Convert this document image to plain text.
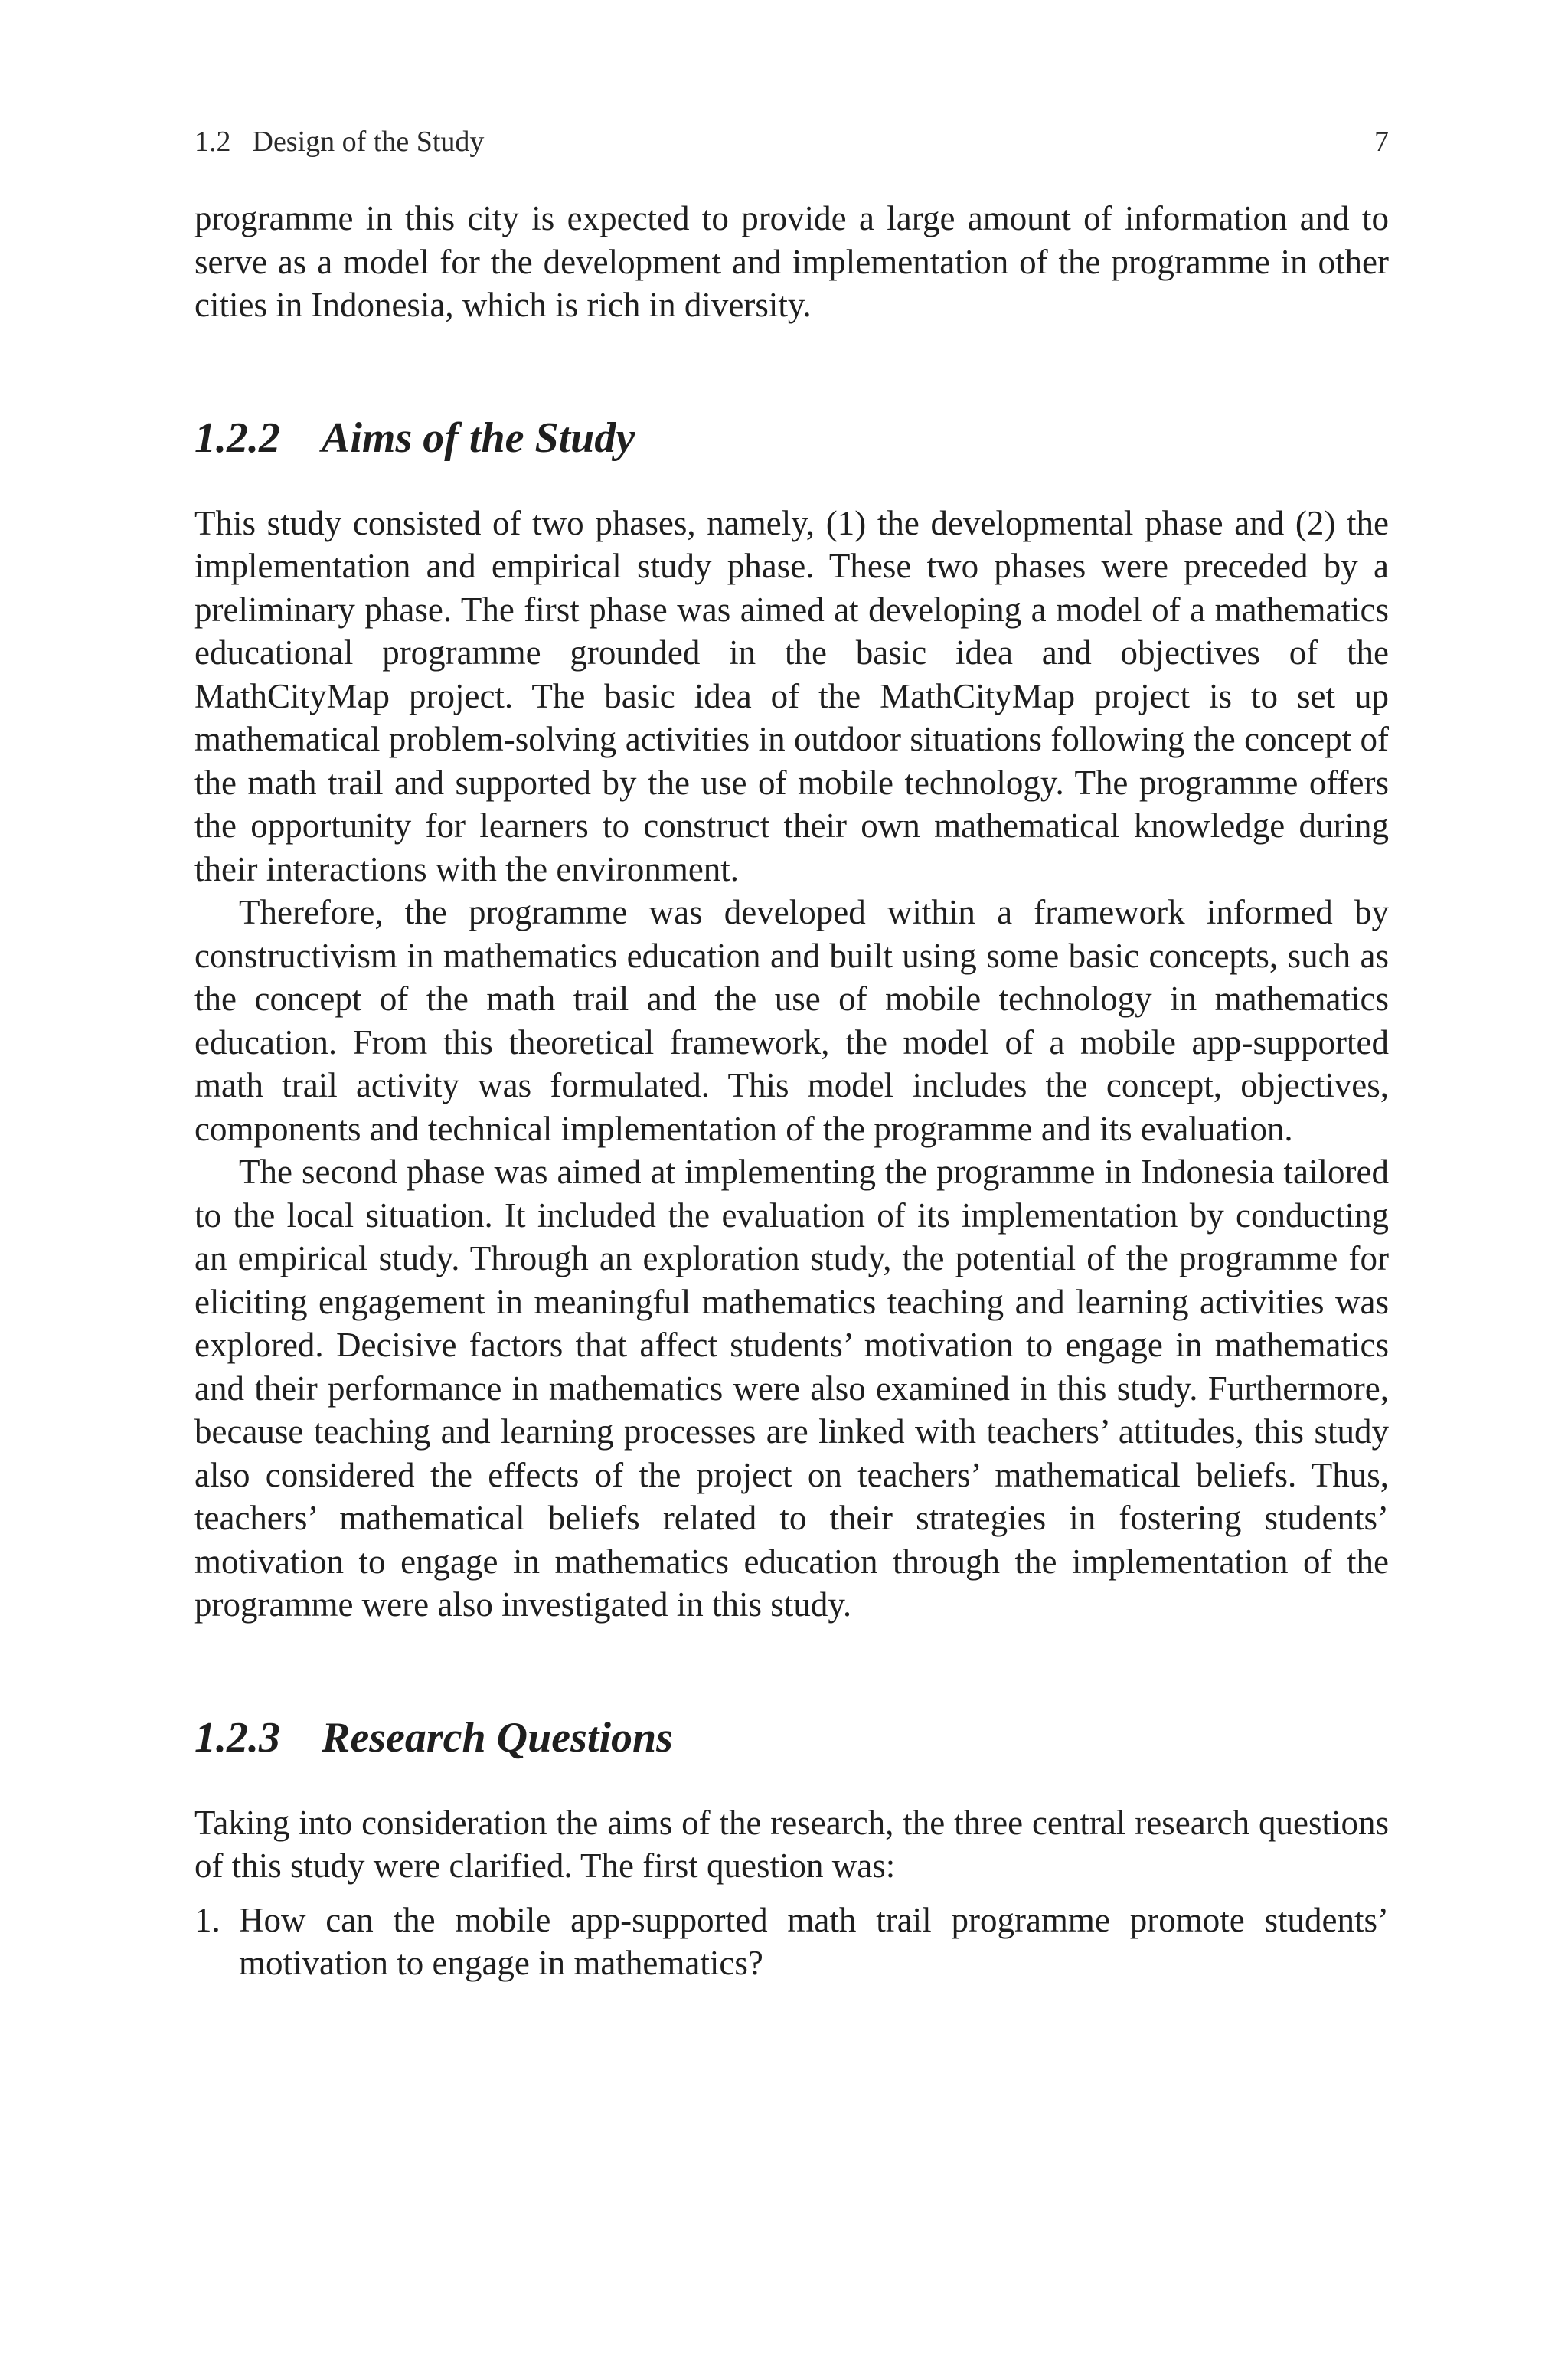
1.2 Design of the Study	7

programme in this city is expected to provide a large amount of information and to serve as a model for the development and implementation of the programme in other cities in Indonesia, which is rich in diversity.

1.2.2 Aims of the Study

This study consisted of two phases, namely, (1) the developmental phase and (2) the implementation and empirical study phase. These two phases were preceded by a preliminary phase. The first phase was aimed at developing a model of a mathematics educational programme grounded in the basic idea and objectives of the MathCityMap project. The basic idea of the MathCityMap project is to set up mathematical problem-solving activities in outdoor situations following the concept of the math trail and supported by the use of mobile technology. The programme offers the opportunity for learners to construct their own mathematical knowledge during their interactions with the environment.

Therefore, the programme was developed within a framework informed by constructivism in mathematics education and built using some basic concepts, such as the concept of the math trail and the use of mobile technology in mathematics education. From this theoretical framework, the model of a mobile app-supported math trail activity was formulated. This model includes the concept, objectives, components and technical implementation of the programme and its evaluation.

The second phase was aimed at implementing the programme in Indonesia tailored to the local situation. It included the evaluation of its implementation by conducting an empirical study. Through an exploration study, the potential of the programme for eliciting engagement in meaningful mathematics teaching and learning activities was explored. Decisive factors that affect students’ motivation to engage in mathematics and their performance in mathematics were also examined in this study. Furthermore, because teaching and learning processes are linked with teachers’ attitudes, this study also considered the effects of the project on teachers’ mathematical beliefs. Thus, teachers’ mathematical beliefs related to their strategies in fostering students’ motivation to engage in mathematics education through the implementation of the programme were also investigated in this study.

1.2.3 Research Questions

Taking into consideration the aims of the research, the three central research questions of this study were clarified. The first question was:

1. How can the mobile app-supported math trail programme promote students’ motivation to engage in mathematics?
